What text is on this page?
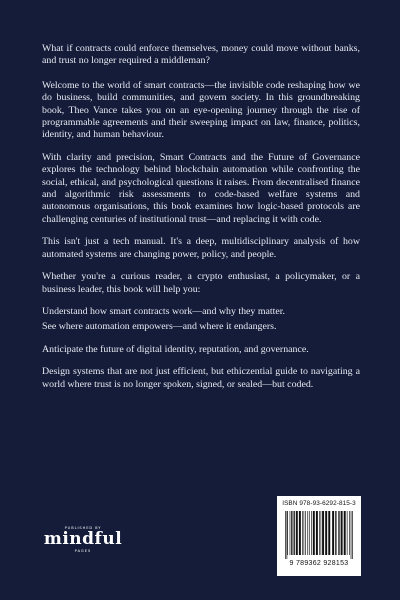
What if contracts could enforce themselves, money could move without banks, and trust no longer required a middleman?

Welcome to the world of smart contracts—the invisible code reshaping how we do business, build communities, and govern society. In this groundbreaking book, Theo Vance takes you on an eye-opening journey through the rise of programmable agreements and their sweeping impact on law, finance, politics, identity, and human behaviour.

With clarity and precision, Smart Contracts and the Future of Governance explores the technology behind blockchain automation while confronting the social, ethical, and psychological questions it raises. From decentralised finance and algorithmic risk assessments to code-based welfare systems and autonomous organisations, this book examines how logic-based protocols are challenging centuries of institutional trust—and replacing it with code.

This isn't just a tech manual. It's a deep, multidisciplinary analysis of how automated systems are changing power, policy, and people.

Whether you're a curious reader, a crypto enthusiast, a policymaker, or a business leader, this book will help you:

Understand how smart contracts work—and why they matter.

See where automation empowers—and where it endangers.

Anticipate the future of digital identity, reputation, and governance.

Design systems that are not just efficient, but ethiczential guide to navigating a world where trust is no longer spoken, signed, or sealed—but coded.

PUBLISHED BY
mindful
PAGES
ISBN 978-93-6292-815-3
9 789362 928153
